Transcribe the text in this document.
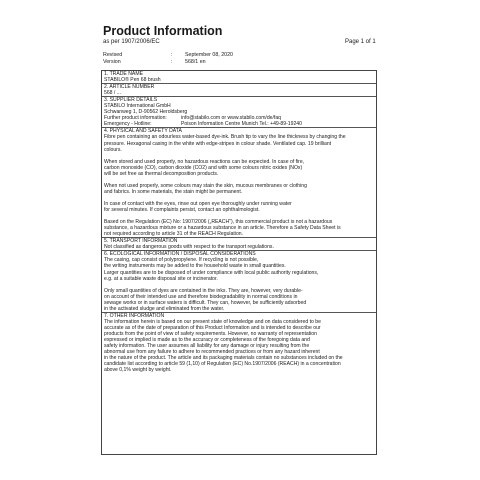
Product Information
as per 1907/2006/EC	Page 1 of 1
Revised	: September 08, 2020
Version	: 568/1 en
1. TRADE NAME
STABILO® Pen 68 brush
2. ARTICLE NUMBER
568 / ...
3. SUPPLIER DETAILS
STABILO International GmbH
Schwanweg 1, D-90562 Heroldsberg
Further product information:	info@stabilo.com or www.stabilo.com/de/faq
Emergency - Hotline:	Poison Information Centre Munich Tel.: +49-89-19240
4. PHYSICAL AND SAFETY DATA
Fibre pen containing an odourless water-based dye-ink. Brush tip to vary the line thickness by changing the
pressure. Hexagonal casing in the white with edge-stripes in colour shade. Ventilated cap. 19 brilliant
colours.
When stored and used properly, no hazardous reactions can be expected. In case of fire,
carbon monoxide (CO), carbon dioxide (CO2) and with some colours nitric oxides (NOx)
will be set free as thermal decomposition products.
When not used properly, some colours may stain the skin, mucous membranes or clothing
and fabrics. In some materials, the stain might be permanent.
In case of contact with the eyes, rinse out open eye thoroughly under running water
for several minutes. If complaints persist, contact an ophthalmologist.
Based on the Regulation (EC) No: 1907/2006 („REACH"), this commercial product is not a hazardous
substance, a hazardous mixture or a hazardous substance in an article. Therefore a Safety Data Sheet is
not required according to article 31 of the REACH Regulation.
5. TRANSPORT INFORMATION
Not classified as dangerous goods with respect to the transport regulations.
6. ECOLOGICAL INFORMATION / DISPOSAL CONSIDERATIONS
The casing, cap consist of polypropylene. If recycling is not possible,
the writing instruments may be added to the household waste in small quantities.
Larger quantities are to be disposed of under compliance with local public authority regulations,
e.g. at a suitable waste disposal site or incinerator.
Only small quantities of dyes are contained in the inks. They are, however, very durable-
on account of their intended use and therefore biodegradability in normal conditions in
sewage works or in surface waters is difficult. They can, however, be sufficiently adsorbed
in the activated sludge and eliminated from the water.
7. OTHER INFORMATION
The information herein is based on our present state of knowledge and on data considered to be
accurate as of the date of preparation of this Product Information and is intended to describe our
products from the point of view of safety requirements. However, no warranty of representation
expressed or implied is made as to the accuracy or completeness of the foregoing data and
safety information. The user assumes all liability for any damage or injury resulting from the
abnormal use from any failure to adhere to recommended practices or from any hazard inherent
in the nature of the product. The article and its packaging materials contain no substances included on the
candidate list according to article 59 (1,10) of Regulation (EC) No.1907/2006 (REACH) in a concentration
above 0,1% weight by weight.
